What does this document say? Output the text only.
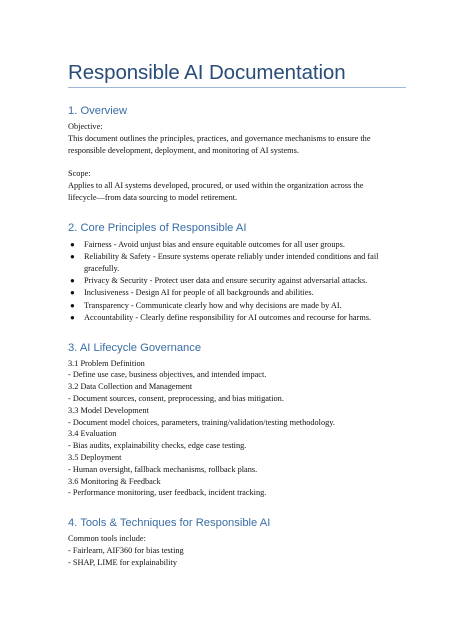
Responsible AI Documentation
1. Overview

Objective:

This document outlines the principles, practices, and governance mechanisms to ensure the

responsible development, deployment, and monitoring of AI systems.

Scope:

Applies to all AI systems developed, procured, or used within the organization across the

lifecycle—from data sourcing to model retirement.

2. Core Principles of Responsible AI
● Fairness - Avoid unjust bias and ensure equitable outcomes for all user groups.
● Reliability & Safety - Ensure systems operate reliably under intended conditions and fail
gracefully.
● Privacy & Security - Protect user data and ensure security against adversarial attacks.
● Inclusiveness - Design AI for people of all backgrounds and abilities.
● Transparency - Communicate clearly how and why decisions are made by AI.
● Accountability - Clearly define responsibility for AI outcomes and recourse for harms.
3. AI Lifecycle Governance

3.1 Problem Definition

- Define use case, business objectives, and intended impact.

3.2 Data Collection and Management

- Document sources, consent, preprocessing, and bias mitigation.

3.3 Model Development

- Document model choices, parameters, training/validation/testing methodology.

3.4 Evaluation

- Bias audits, explainability checks, edge case testing.

3.5 Deployment

- Human oversight, fallback mechanisms, rollback plans.

3.6 Monitoring & Feedback

- Performance monitoring, user feedback, incident tracking.

4. Tools & Techniques for Responsible AI

Common tools include:

- Fairlearn, AIF360 for bias testing

- SHAP, LIME for explainability
